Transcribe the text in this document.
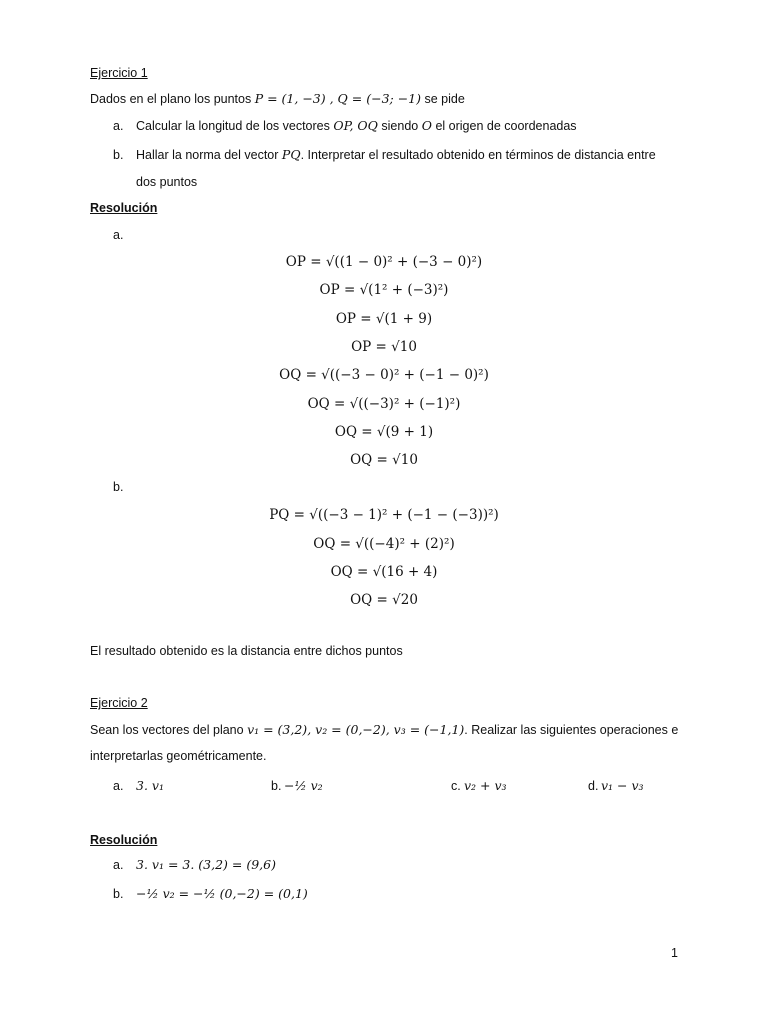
Ejercicio 1
Dados en el plano los puntos P = (1, −3) , Q = (−3; −1) se pide
a. Calcular la longitud de los vectores OP, OQ siendo O el origen de coordenadas
b. Hallar la norma del vector PQ. Interpretar el resultado obtenido en términos de distancia entre
dos puntos
Resolución
a.
OP = √((1 − 0)² + (−3 − 0)²)
OP = √(1² + (−3)²)
OP = √(1 + 9)
OP = √10
OQ = √((−3 − 0)² + (−1 − 0)²)
OQ = √((−3)² + (−1)²)
OQ = √(9 + 1)
OQ = √10
b.
PQ = √((−3 − 1)² + (−1 − (−3))²)
OQ = √((−4)² + (2)²)
OQ = √(16 + 4)
OQ = √20
El resultado obtenido es la distancia entre dichos puntos
Ejercicio 2
Sean los vectores del plano v₁ = (3,2), v₂ = (0,−2), v₃ = (−1,1). Realizar las siguientes operaciones e
interpretarlas geométricamente.
a. 3. v₁	b. −½ v₂	c. v₂ + v₃	d. v₁ − v₃
Resolución
a. 3. v₁ = 3. (3,2) = (9,6)
b. −½ v₂ = −½ (0,−2) = (0,1)
1
